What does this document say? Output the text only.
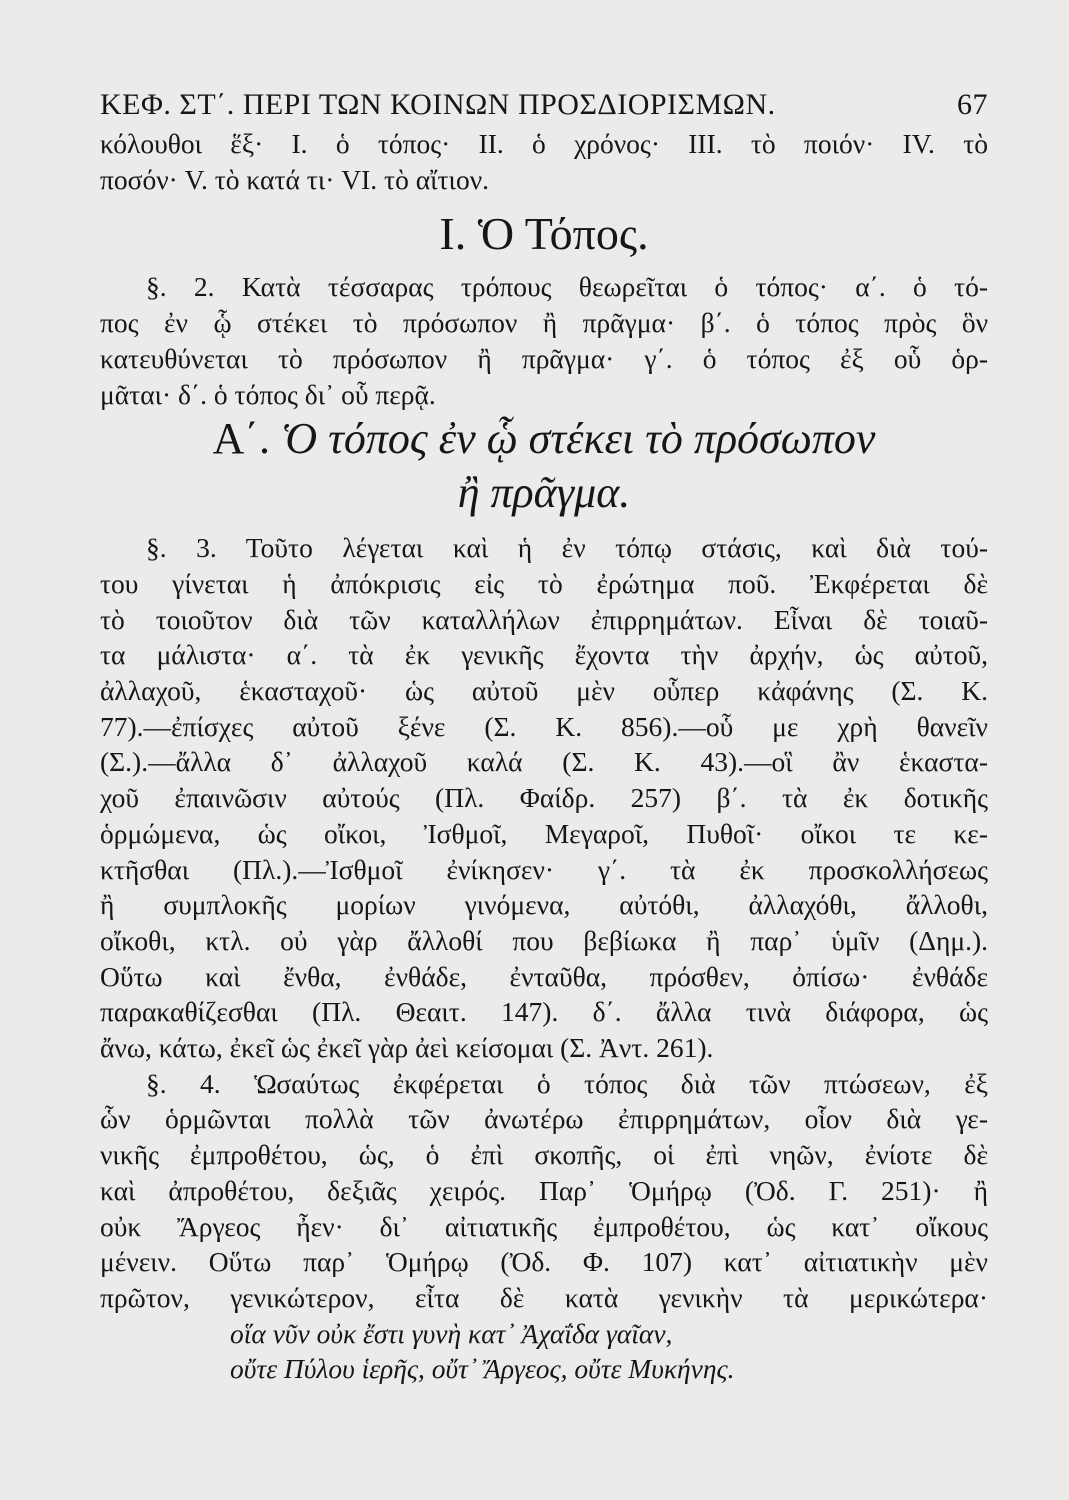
ΚΕΦ. ΣΤ΄. ΠΕΡΙ ΤΩΝ ΚΟΙΝΩΝ ΠΡΟΣΔΙΟΡΙΣΜΩΝ.	67
κόλουθοι ἕξ· I. ὁ τόπος· II. ὁ χρόνος· III. τὸ ποιόν· IV. τὸ
ποσόν· V. τὸ κατά τι· VI. τὸ αἴτιον.
I. Ὁ Τόπος.
§. 2. Κατὰ τέσσαρας τρόπους θεωρεῖται ὁ τόπος· α΄. ὁ τό-
πος ἐν ᾧ στέκει τὸ πρόσωπον ἢ πρᾶγμα· β΄. ὁ τόπος πρὸς ὃν
κατευθύνεται τὸ πρόσωπον ἢ πρᾶγμα· γ΄. ὁ τόπος ἐξ οὗ ὁρ-
μᾶται· δ΄. ὁ τόπος δι᾽ οὗ περᾷ.
Α΄. Ὁ τόπος ἐν ᾧ στέκει τὸ πρόσωπον
ἢ πρᾶγμα.
§. 3. Τοῦτο λέγεται καὶ ἡ ἐν τόπῳ στάσις, καὶ διὰ τού-
του γίνεται ἡ ἀπόκρισις εἰς τὸ ἐρώτημα ποῦ. Ἐκφέρεται δὲ
τὸ τοιοῦτον διὰ τῶν καταλλήλων ἐπιρρημάτων. Εἶναι δὲ τοιαῦ-
τα μάλιστα· α΄. τὰ ἐκ γενικῆς ἔχοντα τὴν ἀρχήν, ὡς αὐτοῦ,
ἀλλαχοῦ, ἑκασταχοῦ· ὡς αὐτοῦ μὲν οὗπερ κἀφάνης (Σ. Κ.
77).—ἐπίσχες αὐτοῦ ξένε (Σ. Κ. 856).—οὗ με χρὴ θανεῖν
(Σ.).—ἄλλα δ᾽ ἀλλαχοῦ καλά (Σ. Κ. 43).—οἳ ἂν ἑκαστα-
χοῦ ἐπαινῶσιν αὐτούς (Πλ. Φαίδρ. 257) β΄. τὰ ἐκ δοτικῆς
ὁρμώμενα, ὡς οἴκοι, Ἰσθμοῖ, Μεγαροῖ, Πυθοῖ· οἴκοι τε κε-
κτῆσθαι (Πλ.).—Ἰσθμοῖ ἐνίκησεν· γ΄. τὰ ἐκ προσκολλήσεως
ἢ συμπλοκῆς μορίων γινόμενα, αὐτόθι, ἀλλαχόθι, ἄλλοθι,
οἴκοθι, κτλ. οὐ γὰρ ἄλλοθί που βεβίωκα ἢ παρ᾽ ὑμῖν (Δημ.).
Οὕτω καὶ ἔνθα, ἐνθάδε, ἐνταῦθα, πρόσθεν, ὀπίσω· ἐνθάδε
παρακαθίζεσθαι (Πλ. Θεαιτ. 147). δ΄. ἄλλα τινὰ διάφορα, ὡς
ἄνω, κάτω, ἐκεῖ ὡς ἐκεῖ γὰρ ἀεὶ κείσομαι (Σ. Ἀντ. 261).
§. 4. Ὡσαύτως ἐκφέρεται ὁ τόπος διὰ τῶν πτώσεων, ἐξ
ὧν ὁρμῶνται πολλὰ τῶν ἀνωτέρω ἐπιρρημάτων, οἷον διὰ γε-
νικῆς ἐμπροθέτου, ὡς, ὁ ἐπὶ σκοπῆς, οἱ ἐπὶ νηῶν, ἐνίοτε δὲ
καὶ ἀπροθέτου, δεξιᾶς χειρός. Παρ᾽ Ὁμήρῳ (Ὀδ. Γ. 251)· ἢ
οὐκ Ἄργεος ἦεν· δι᾽ αἰτιατικῆς ἐμπροθέτου, ὡς κατ᾽ οἴκους
μένειν. Οὕτω παρ᾽ Ὁμήρῳ (Ὀδ. Φ. 107) κατ᾽ αἰτιατικὴν μὲν
πρῶτον, γενικώτερον, εἶτα δὲ κατὰ γενικὴν τὰ μερικώτερα·
οἵα νῦν οὐκ ἔστι γυνὴ κατ᾽ Ἀχαΐδα γαῖαν,
οὔτε Πύλου ἱερῆς, οὔτ᾽ Ἄργεος, οὔτε Μυκήνης.
